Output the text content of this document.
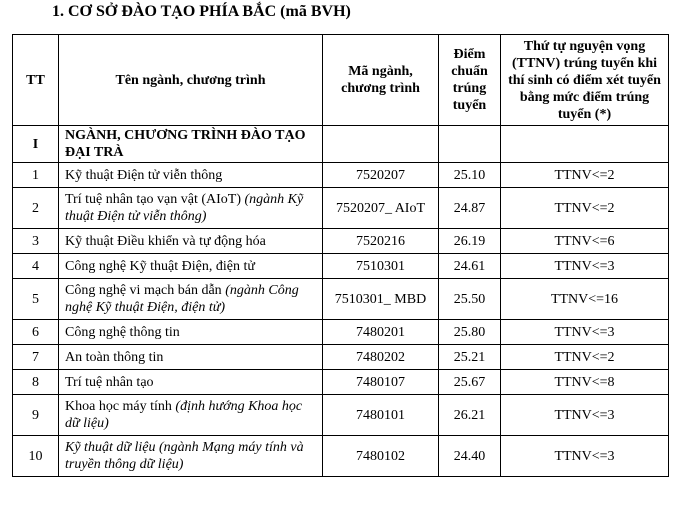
1. CƠ SỞ ĐÀO TẠO PHÍA BẮC (mã BVH)
TT	Tên ngành, chương trình	Mã ngành, chương trình	Điểm chuẩn trúng tuyển	Thứ tự nguyện vọng (TTNV) trúng tuyển khi thí sinh có điểm xét tuyển bằng mức điểm trúng tuyển (*)
I	NGÀNH, CHƯƠNG TRÌNH ĐÀO TẠO ĐẠI TRÀ			
1	Kỹ thuật Điện tử viễn thông	7520207	25.10	TTNV<=2
2	Trí tuệ nhân tạo vạn vật (AIoT) (ngành Kỹ thuật Điện tử viễn thông)	7520207_ AIoT	24.87	TTNV<=2
3	Kỹ thuật Điều khiển và tự động hóa	7520216	26.19	TTNV<=6
4	Công nghệ Kỹ thuật Điện, điện tử	7510301	24.61	TTNV<=3
5	Công nghệ vi mạch bán dẫn (ngành Công nghệ Kỹ thuật Điện, điện tử)	7510301_ MBD	25.50	TTNV<=16
6	Công nghệ thông tin	7480201	25.80	TTNV<=3
7	An toàn thông tin	7480202	25.21	TTNV<=2
8	Trí tuệ nhân tạo	7480107	25.67	TTNV<=8
9	Khoa học máy tính (định hướng Khoa học dữ liệu)	7480101	26.21	TTNV<=3
10	Kỹ thuật dữ liệu (ngành Mạng máy tính và truyền thông dữ liệu)	7480102	24.40	TTNV<=3
